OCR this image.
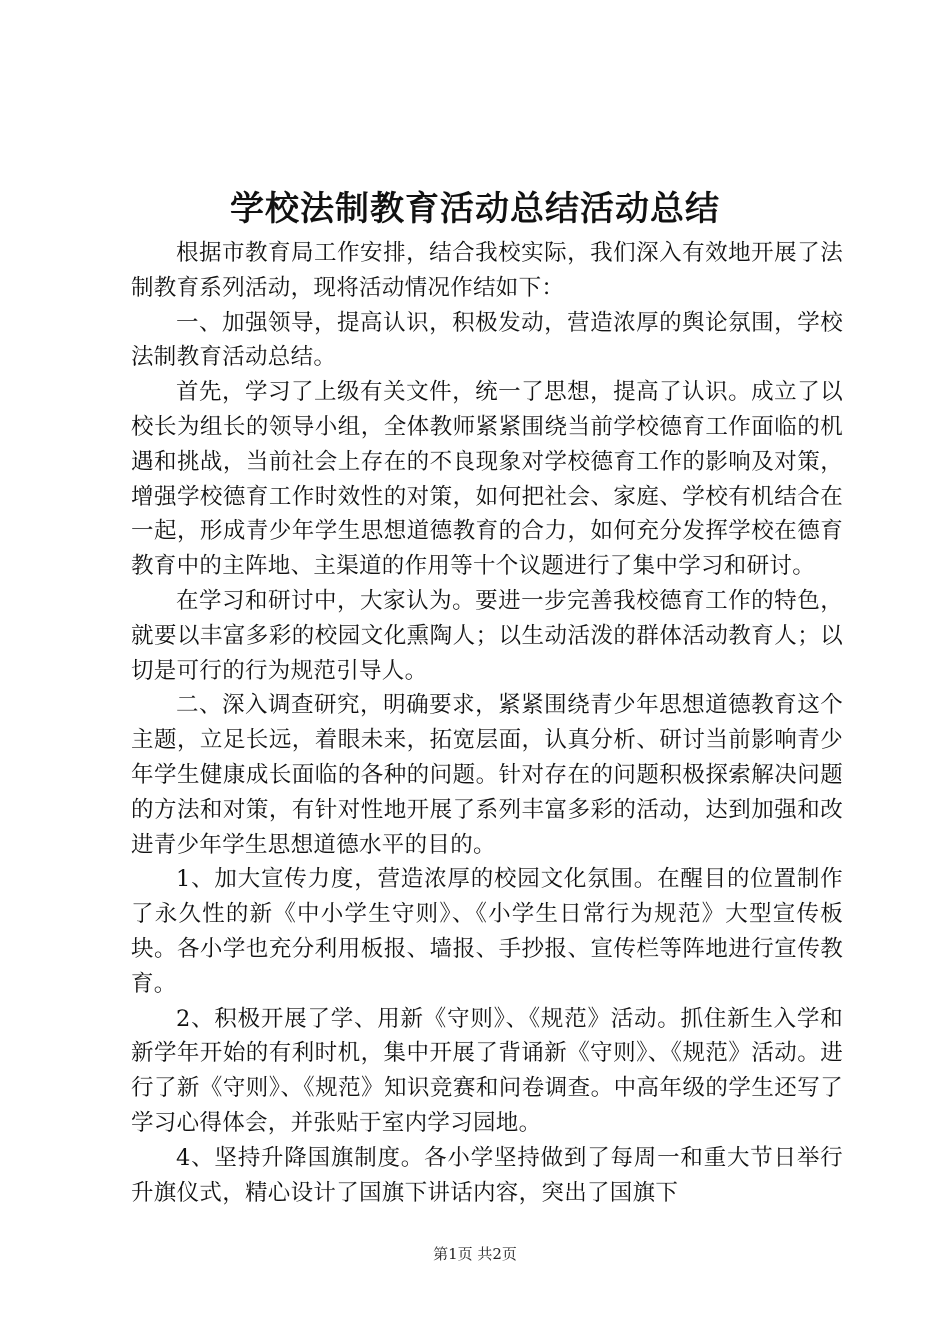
学校法制教育活动总结活动总结

根据市教育局工作安排，结合我校实际，我们深入有效地开展了法制教育系列活动，现将活动情况作结如下：

一、加强领导，提高认识，积极发动，营造浓厚的舆论氛围，学校法制教育活动总结。

首先，学习了上级有关文件，统一了思想，提高了认识。成立了以校长为组长的领导小组，全体教师紧紧围绕当前学校德育工作面临的机遇和挑战，当前社会上存在的不良现象对学校德育工作的影响及对策，增强学校德育工作时效性的对策，如何把社会、家庭、学校有机结合在一起，形成青少年学生思想道德教育的合力，如何充分发挥学校在德育教育中的主阵地、主渠道的作用等十个议题进行了集中学习和研讨。

在学习和研讨中，大家认为。要进一步完善我校德育工作的特色，就要以丰富多彩的校园文化熏陶人；以生动活泼的群体活动教育人；以切是可行的行为规范引导人。

二、深入调查研究，明确要求，紧紧围绕青少年思想道德教育这个主题，立足长远，着眼未来，拓宽层面，认真分析、研讨当前影响青少年学生健康成长面临的各种的问题。针对存在的问题积极探索解决问题的方法和对策，有针对性地开展了系列丰富多彩的活动，达到加强和改进青少年学生思想道德水平的目的。

1、加大宣传力度，营造浓厚的校园文化氛围。在醒目的位置制作了永久性的新《中小学生守则》、《小学生日常行为规范》大型宣传板块。各小学也充分利用板报、墙报、手抄报、宣传栏等阵地进行宣传教育。

2、积极开展了学、用新《守则》、《规范》活动。抓住新生入学和新学年开始的有利时机，集中开展了背诵新《守则》、《规范》活动。进行了新《守则》、《规范》知识竞赛和问卷调查。中高年级的学生还写了学习心得体会，并张贴于室内学习园地。

4、坚持升降国旗制度。各小学坚持做到了每周一和重大节日举行升旗仪式，精心设计了国旗下讲话内容，突出了国旗下

第1页 共2页
